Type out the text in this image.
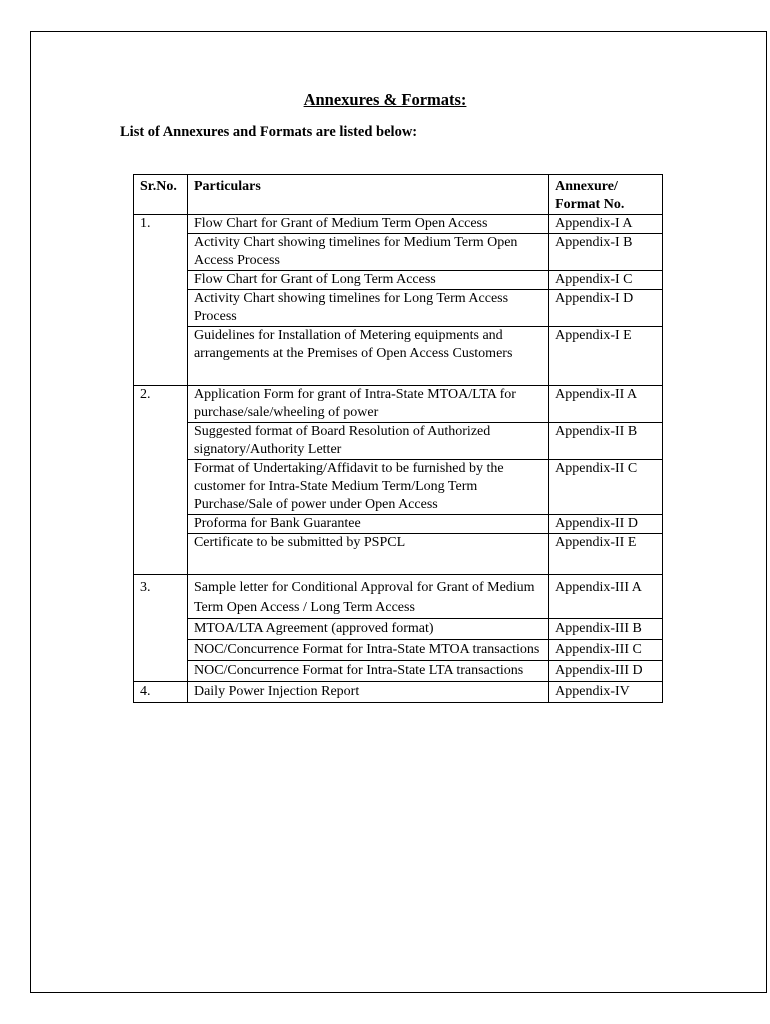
Annexures & Formats:
List of Annexures and Formats are listed below:
Sr.No.	Particulars	Annexure/
Format No.
1.	Flow Chart for Grant of Medium Term Open Access	Appendix-I A
	Activity Chart showing timelines for Medium Term Open Access Process	Appendix-I B
	Flow Chart for Grant of Long Term Access	Appendix-I C
	Activity Chart showing timelines for Long Term Access Process	Appendix-I D
	Guidelines for Installation of Metering equipments and arrangements at the Premises of Open Access Customers	Appendix-I E

2.	Application Form for grant of Intra-State MTOA/LTA for purchase/sale/wheeling of power	Appendix-II A
	Suggested format of Board Resolution of Authorized signatory/Authority Letter	Appendix-II B
	Format of Undertaking/Affidavit to be furnished by the customer for Intra-State Medium Term/Long Term Purchase/Sale of power under Open Access	Appendix-II C
	Proforma for Bank Guarantee	Appendix-II D
	Certificate to be submitted by PSPCL	Appendix-II E

3.	Sample letter for Conditional Approval for Grant of Medium Term Open Access / Long Term Access	Appendix-III A
	MTOA/LTA Agreement (approved format)	Appendix-III B
	NOC/Concurrence Format for Intra-State MTOA transactions	Appendix-III C
	NOC/Concurrence Format for Intra-State LTA transactions	Appendix-III D
4.	Daily Power Injection Report	Appendix-IV
